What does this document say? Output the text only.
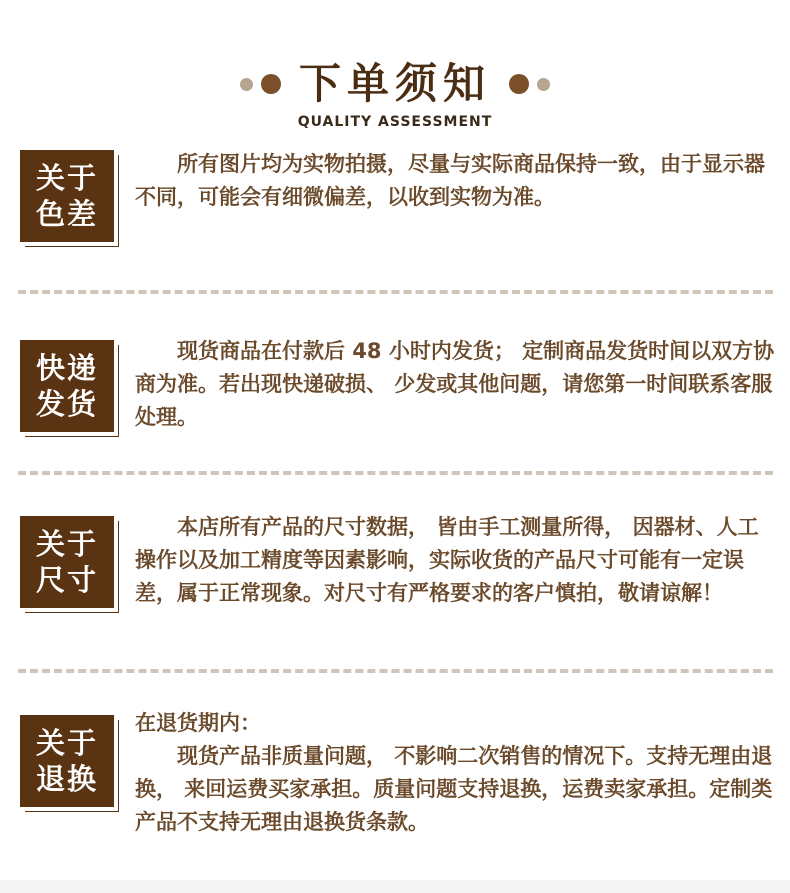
下单须知
QUALITY ASSESSMENT
关于
色差

所有图片均为实物拍摄，尽量与实际商品保持一致，由于显示器不同，可能会有细微偏差，以收到实物为准。

快递
发货

现货商品在付款后 48 小时内发货； 定制商品发货时间以双方协商为准。若出现快递破损、 少发或其他问题，请您第一时间联系客服处理。

关于
尺寸

本店所有产品的尺寸数据， 皆由手工测量所得， 因器材、人工操作以及加工精度等因素影响，实际收货的产品尺寸可能有一定误差，属于正常现象。对尺寸有严格要求的客户慎拍，敬请谅解！

关于
退换

在退货期内：

现货产品非质量问题， 不影响二次销售的情况下。支持无理由退换， 来回运费买家承担。质量问题支持退换，运费卖家承担。定制类产品不支持无理由退换货条款。
